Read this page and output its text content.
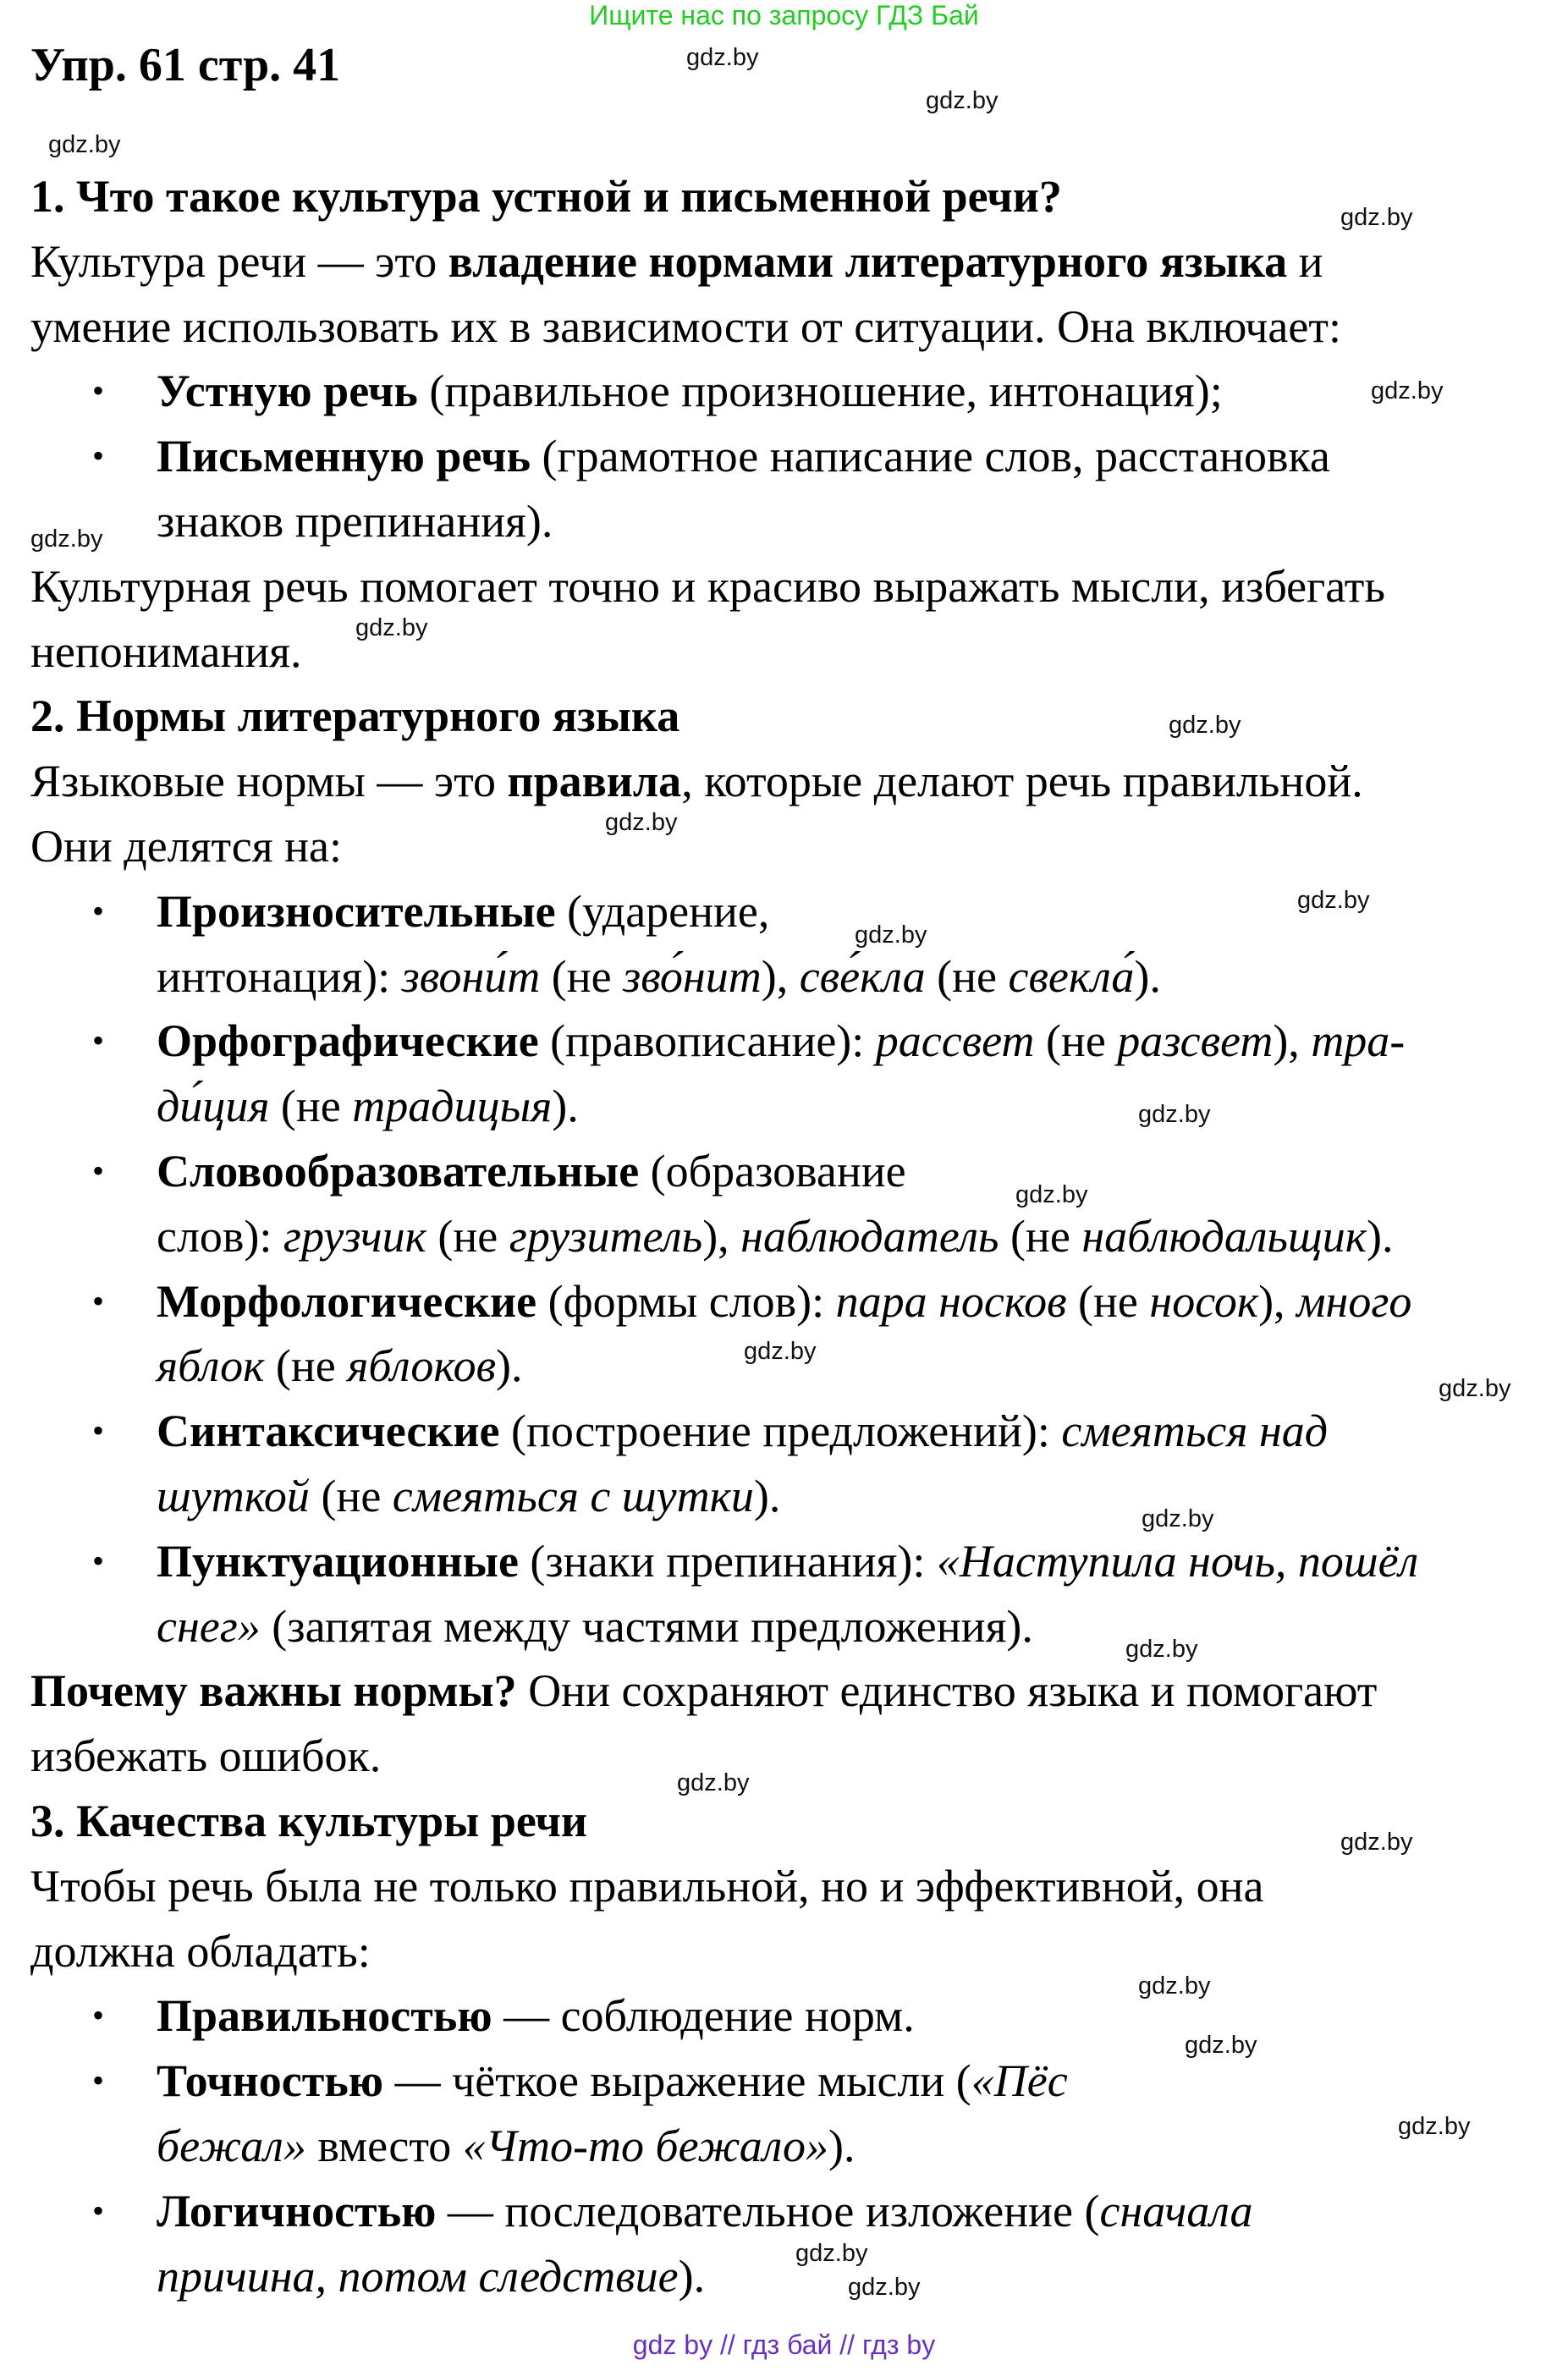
Ищите нас по запросу ГДЗ Бай
Упр. 61 стр. 41
1. Что такое культура устной и письменной речи?
Культура речи — это владение нормами литературного языка и
умение использовать их в зависимости от ситуации. Она включает:
• Устную речь (правильное произношение, интонация);
• Письменную речь (грамотное написание слов, расстановка
знаков препинания).
Культурная речь помогает точно и красиво выражать мысли, избегать
непонимания.
2. Нормы литературного языка
Языковые нормы — это правила, которые делают речь правильной.
Они делятся на:
• Произносительные (ударение,
интонация): звони́т (не зво́нит), све́кла (не свекла́).
• Орфографические (правописание): рассвет (не разсвет), тра-
ди́ция (не традицыя).
• Словообразовательные (образование
слов): грузчик (не грузитель), наблюдатель (не наблюдальщик).
• Морфологические (формы слов): пара носков (не носок), много
яблок (не яблоков).
• Синтаксические (построение предложений): смеяться над
шуткой (не смеяться с шутки).
• Пунктуационные (знаки препинания): «Наступила ночь, пошёл
снег» (запятая между частями предложения).
Почему важны нормы? Они сохраняют единство языка и помогают
избежать ошибок.
3. Качества культуры речи
Чтобы речь была не только правильной, но и эффективной, она
должна обладать:
• Правильностью — соблюдение норм.
• Точностью — чёткое выражение мысли («Пёс
бежал» вместо «Что-то бежало»).
• Логичностью — последовательное изложение (сначала
причина, потом следствие).
gdz.by
gdz.by
gdz.by
gdz.by
gdz.by
gdz.by
gdz.by
gdz.by
gdz.by
gdz.by
gdz.by
gdz.by
gdz.by
gdz.by
gdz.by
gdz.by
gdz.by
gdz.by
gdz.by
gdz.by
gdz.by
gdz.by
gdz.by
gdz.by
gdz by // гдз бай // гдз by
